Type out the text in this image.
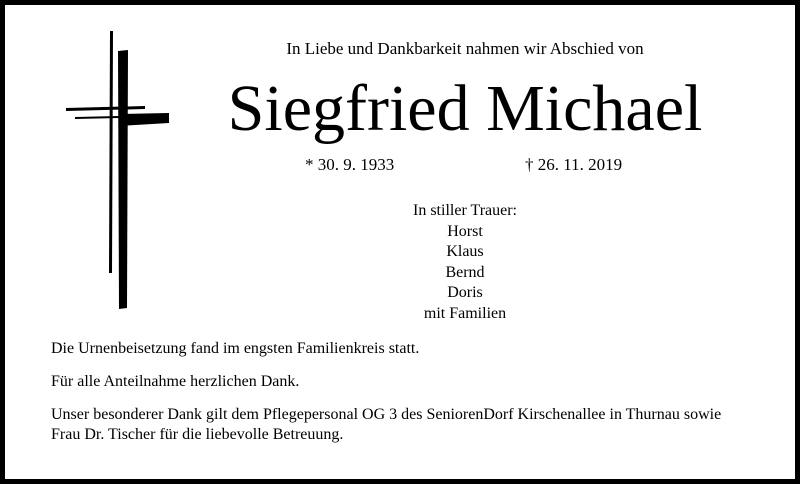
In Liebe und Dankbarkeit nahmen wir Abschied von
Siegfried Michael
* 30. 9. 1933	† 26. 11. 2019
In stiller Trauer:
Horst
Klaus
Bernd
Doris
mit Familien
Die Urnenbeisetzung fand im engsten Familienkreis statt.
Für alle Anteilnahme herzlichen Dank.
Unser besonderer Dank gilt dem Pflegepersonal OG 3 des SeniorenDorf Kirschenallee in Thurnau sowie Frau Dr. Tischer für die liebevolle Betreuung.
